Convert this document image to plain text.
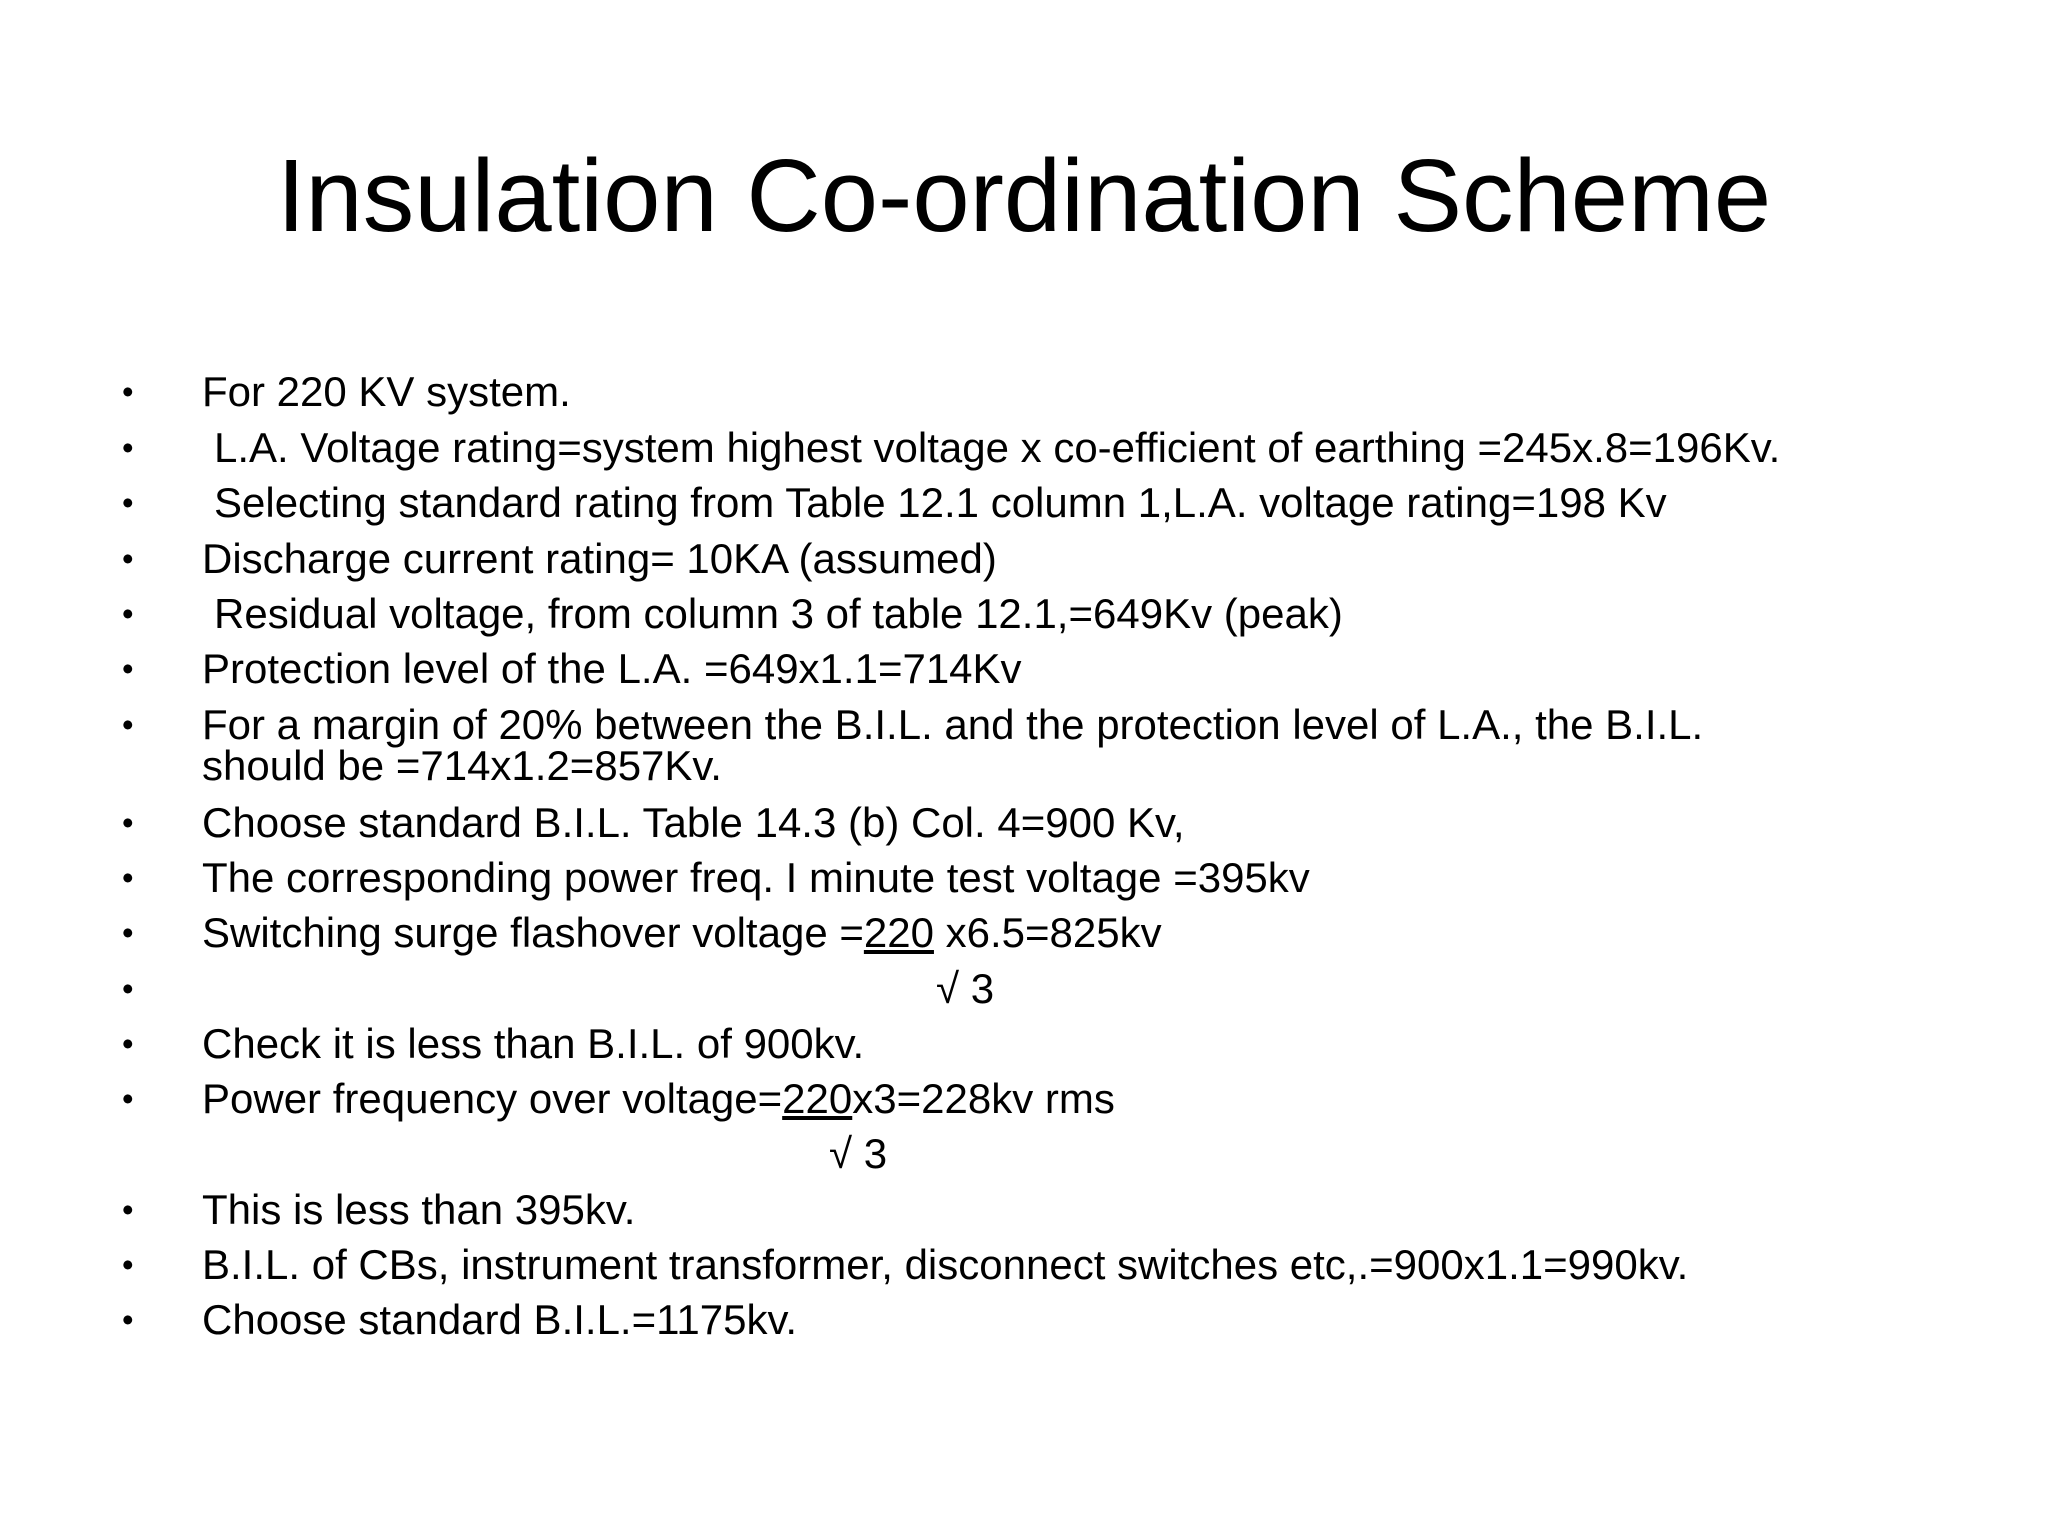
Insulation Co-ordination Scheme
• For 220 KV system.
• L.A. Voltage rating=system highest voltage x co-efficient of earthing =245x.8=196Kv.
• Selecting standard rating from Table 12.1 column 1,L.A. voltage rating=198 Kv
• Discharge current rating= 10KA (assumed)
• Residual voltage, from column 3 of table 12.1,=649Kv (peak)
• Protection level of the L.A. =649x1.1=714Kv
• For a margin of 20% between the B.I.L. and the protection level of L.A., the B.I.L.
should be =714x1.2=857Kv.
• Choose standard B.I.L. Table 14.3 (b) Col. 4=900 Kv,
• The corresponding power freq. I minute test voltage =395kv
• Switching surge flashover voltage =220 x6.5=825kv
•	√ 3
• Check it is less than B.I.L. of 900kv.
• Power frequency over voltage=220x3=228kv rms
√ 3
• This is less than 395kv.
• B.I.L. of CBs, instrument transformer, disconnect switches etc,.=900x1.1=990kv.
• Choose standard B.I.L.=1175kv.
